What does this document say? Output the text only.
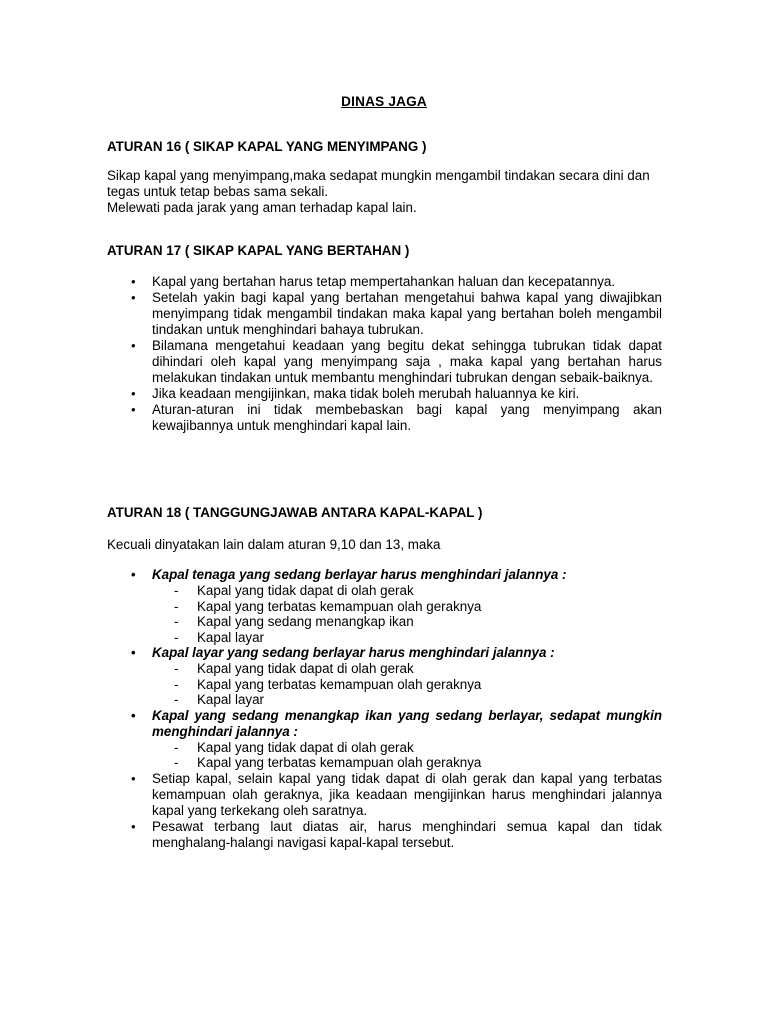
DINAS JAGA
ATURAN 16 ( SIKAP KAPAL YANG MENYIMPANG )
Sikap kapal yang menyimpang,maka sedapat mungkin mengambil tindakan secara dini dan tegas untuk tetap bebas sama sekali.
Melewati pada jarak yang aman terhadap kapal lain.
ATURAN 17 ( SIKAP KAPAL YANG BERTAHAN )
• Kapal yang bertahan harus tetap mempertahankan haluan dan kecepatannya.
• Setelah yakin bagi kapal yang bertahan mengetahui bahwa kapal yang diwajibkan menyimpang tidak mengambil tindakan maka kapal yang bertahan boleh mengambil tindakan untuk menghindari bahaya tubrukan.
• Bilamana mengetahui keadaan yang begitu dekat sehingga tubrukan tidak dapat dihindari oleh kapal yang menyimpang saja , maka kapal yang bertahan harus melakukan tindakan untuk membantu menghindari tubrukan dengan sebaik-baiknya.
• Jika keadaan mengijinkan, maka tidak boleh merubah haluannya ke kiri.
• Aturan-aturan ini tidak membebaskan bagi kapal yang menyimpang akan kewajibannya untuk menghindari kapal lain.
ATURAN 18 ( TANGGUNGJAWAB ANTARA KAPAL-KAPAL )
Kecuali dinyatakan lain dalam aturan 9,10 dan 13, maka
• Kapal tenaga yang sedang berlayar harus menghindari jalannya :
- Kapal yang tidak dapat di olah gerak
- Kapal yang terbatas kemampuan olah geraknya
- Kapal yang sedang menangkap ikan
- Kapal layar
• Kapal layar yang sedang berlayar harus menghindari jalannya :
- Kapal yang tidak dapat di olah gerak
- Kapal yang terbatas kemampuan olah geraknya
- Kapal layar
• Kapal yang sedang menangkap ikan yang sedang berlayar, sedapat mungkin menghindari jalannya :
- Kapal yang tidak dapat di olah gerak
- Kapal yang terbatas kemampuan olah geraknya
• Setiap kapal, selain kapal yang tidak dapat di olah gerak dan kapal yang terbatas kemampuan olah geraknya, jika keadaan mengijinkan harus menghindari jalannya kapal yang terkekang oleh saratnya.
• Pesawat terbang laut diatas air, harus menghindari semua kapal dan tidak menghalang-halangi navigasi kapal-kapal tersebut.
